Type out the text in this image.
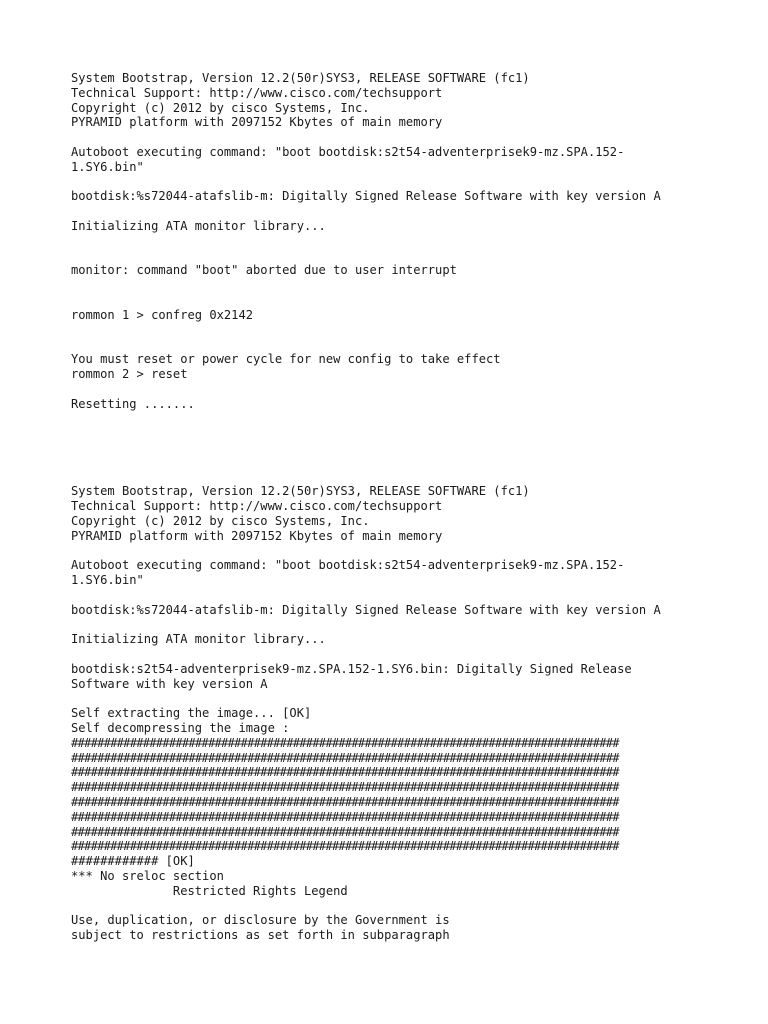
System Bootstrap, Version 12.2(50r)SYS3, RELEASE SOFTWARE (fc1)
Technical Support: http://www.cisco.com/techsupport
Copyright (c) 2012 by cisco Systems, Inc.
PYRAMID platform with 2097152 Kbytes of main memory
Autoboot executing command: "boot bootdisk:s2t54-adventerprisek9-mz.SPA.152-
1.SY6.bin"
bootdisk:%s72044-atafslib-m: Digitally Signed Release Software with key version A
Initializing ATA monitor library...
monitor: command "boot" aborted due to user interrupt
rommon 1 > confreg 0x2142
You must reset or power cycle for new config to take effect
rommon 2 > reset
Resetting .......
System Bootstrap, Version 12.2(50r)SYS3, RELEASE SOFTWARE (fc1)
Technical Support: http://www.cisco.com/techsupport
Copyright (c) 2012 by cisco Systems, Inc.
PYRAMID platform with 2097152 Kbytes of main memory
Autoboot executing command: "boot bootdisk:s2t54-adventerprisek9-mz.SPA.152-
1.SY6.bin"
bootdisk:%s72044-atafslib-m: Digitally Signed Release Software with key version A
Initializing ATA monitor library...
bootdisk:s2t54-adventerprisek9-mz.SPA.152-1.SY6.bin: Digitally Signed Release
Software with key version A
Self extracting the image... [OK]
Self decompressing the image :
####################################################################################
####################################################################################
####################################################################################
####################################################################################
####################################################################################
####################################################################################
####################################################################################
####################################################################################
############ [OK]
*** No sreloc section
Restricted Rights Legend
Use, duplication, or disclosure by the Government is
subject to restrictions as set forth in subparagraph
